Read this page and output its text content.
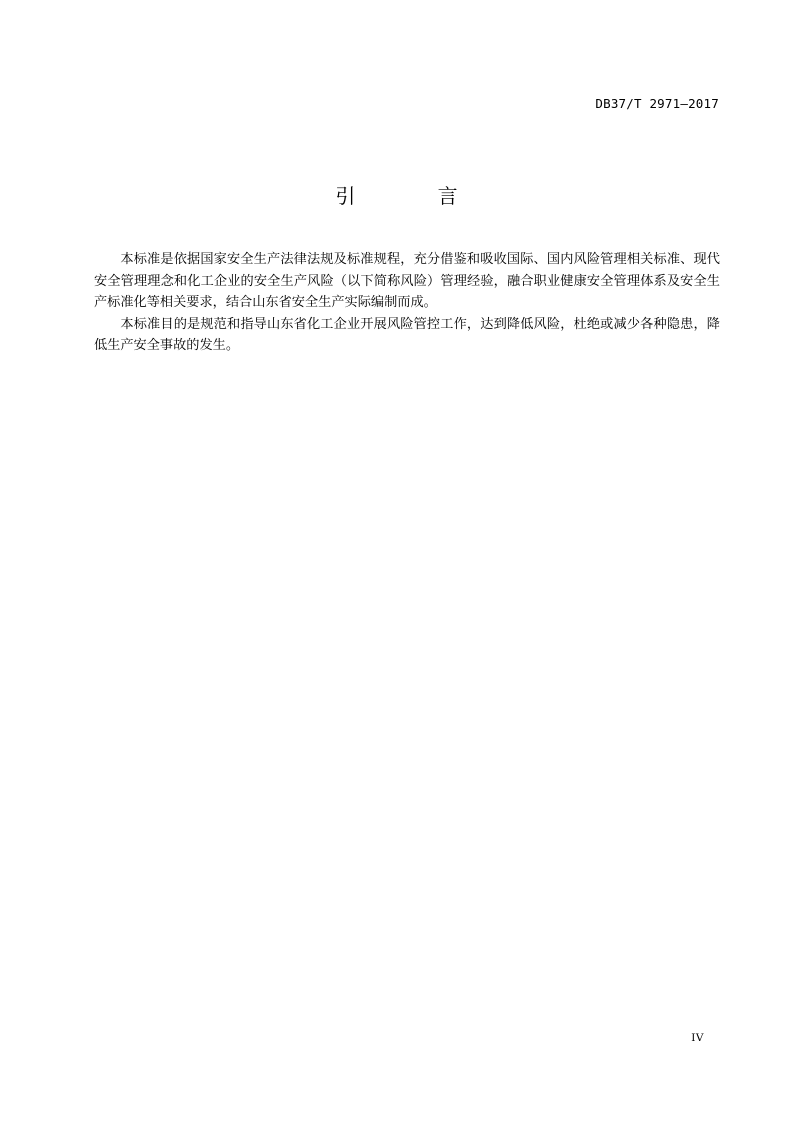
DB37/T 2971—2017
引 言

本标准是依据国家安全生产法律法规及标准规程，充分借鉴和吸收国际、国内风险管理相关标准、现代安全管理理念和化工企业的安全生产风险（以下简称风险）管理经验，融合职业健康安全管理体系及安全生产标准化等相关要求，结合山东省安全生产实际编制而成。

本标准目的是规范和指导山东省化工企业开展风险管控工作，达到降低风险，杜绝或减少各种隐患，降低生产安全事故的发生。

IV
